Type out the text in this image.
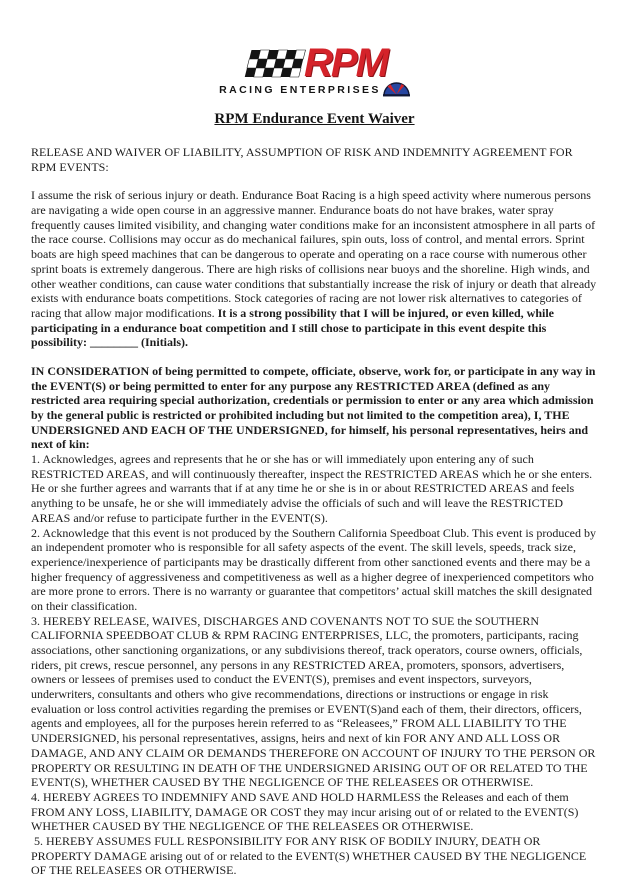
RPM
RACING ENTERPRISES
RPM Endurance Event Waiver
RELEASE AND WAIVER OF LIABILITY, ASSUMPTION OF RISK AND INDEMNITY AGREEMENT FOR RPM EVENTS:
I assume the risk of serious injury or death. Endurance Boat Racing is a high speed activity where numerous persons are navigating a wide open course in an aggressive manner. Endurance boats do not have brakes, water spray frequently causes limited visibility, and changing water conditions make for an inconsistent atmosphere in all parts of the race course. Collisions may occur as do mechanical failures, spin outs, loss of control, and mental errors. Sprint boats are high speed machines that can be dangerous to operate and operating on a race course with numerous other sprint boats is extremely dangerous. There are high risks of collisions near buoys and the shoreline. High winds, and other weather conditions, can cause water conditions that substantially increase the risk of injury or death that already exists with endurance boats competitions. Stock categories of racing are not lower risk alternatives to categories of racing that allow major modifications. It is a strong possibility that I will be injured, or even killed, while participating in a endurance boat competition and I still chose to participate in this event despite this possibility: ________ (Initials).
IN CONSIDERATION of being permitted to compete, officiate, observe, work for, or participate in any way in the EVENT(S) or being permitted to enter for any purpose any RESTRICTED AREA (defined as any restricted area requiring special authorization, credentials or permission to enter or any area which admission by the general public is restricted or prohibited including but not limited to the competition area), I, THE UNDERSIGNED AND EACH OF THE UNDERSIGNED, for himself, his personal representatives, heirs and next of kin:
1. Acknowledges, agrees and represents that he or she has or will immediately upon entering any of such RESTRICTED AREAS, and will continuously thereafter, inspect the RESTRICTED AREAS which he or she enters. He or she further agrees and warrants that if at any time he or she is in or about RESTRICTED AREAS and feels anything to be unsafe, he or she will immediately advise the officials of such and will leave the RESTRICTED AREAS and/or refuse to participate further in the EVENT(S).
2. Acknowledge that this event is not produced by the Southern California Speedboat Club. This event is produced by an independent promoter who is responsible for all safety aspects of the event. The skill levels, speeds, track size, experience/inexperience of participants may be drastically different from other sanctioned events and there may be a higher frequency of aggressiveness and competitiveness as well as a higher degree of inexperienced competitors who are more prone to errors. There is no warranty or guarantee that competitors’ actual skill matches the skill designated on their classification.
3. HEREBY RELEASE, WAIVES, DISCHARGES AND COVENANTS NOT TO SUE the SOUTHERN CALIFORNIA SPEEDBOAT CLUB & RPM RACING ENTERPRISES, LLC, the promoters, participants, racing associations, other sanctioning organizations, or any subdivisions thereof, track operators, course owners, officials, riders, pit crews, rescue personnel, any persons in any RESTRICTED AREA, promoters, sponsors, advertisers, owners or lessees of premises used to conduct the EVENT(S), premises and event inspectors, surveyors, underwriters, consultants and others who give recommendations, directions or instructions or engage in risk evaluation or loss control activities regarding the premises or EVENT(S)and each of them, their directors, officers, agents and employees, all for the purposes herein referred to as “Releasees,” FROM ALL LIABILITY TO THE UNDERSIGNED, his personal representatives, assigns, heirs and next of kin FOR ANY AND ALL LOSS OR DAMAGE, AND ANY CLAIM OR DEMANDS THEREFORE ON ACCOUNT OF INJURY TO THE PERSON OR PROPERTY OR RESULTING IN DEATH OF THE UNDERSIGNED ARISING OUT OF OR RELATED TO THE EVENT(S), WHETHER CAUSED BY THE NEGLIGENCE OF THE RELEASEES OR OTHERWISE.
4. HEREBY AGREES TO INDEMNIFY AND SAVE AND HOLD HARMLESS the Releases and each of them FROM ANY LOSS, LIABILITY, DAMAGE OR COST they may incur arising out of or related to the EVENT(S) WHETHER CAUSED BY THE NEGLIGENCE OF THE RELEASEES OR OTHERWISE.
5. HEREBY ASSUMES FULL RESPONSIBILITY FOR ANY RISK OF BODILY INJURY, DEATH OR PROPERTY DAMAGE arising out of or related to the EVENT(S) WHETHER CAUSED BY THE NEGLIGENCE OF THE RELEASEES OR OTHERWISE.
